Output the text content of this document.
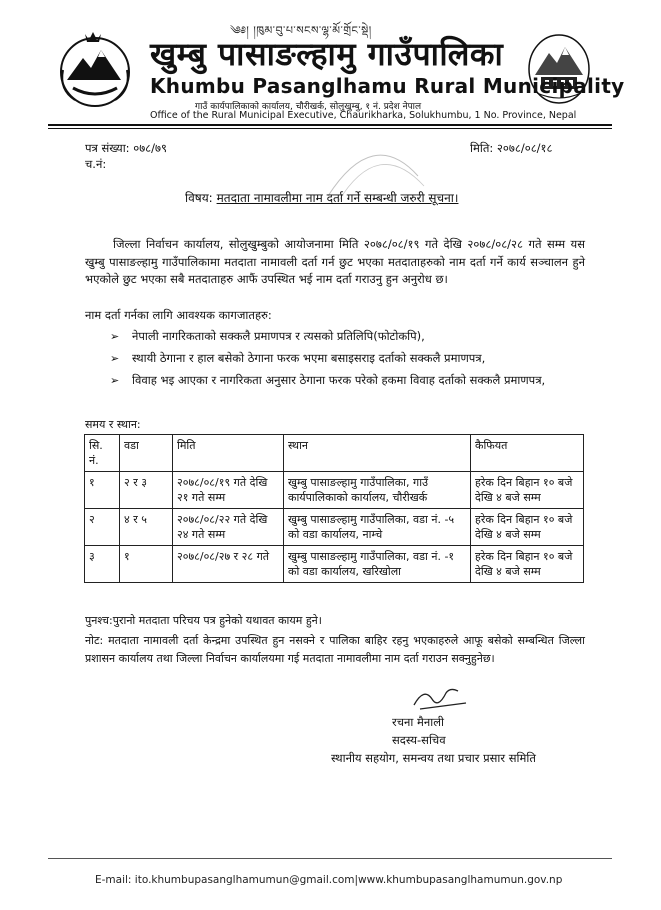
༄༅། །ཁུམ་བུ་པ་སངས་ལྷ་མོ་གྲོང་སྡེ།
खुम्बु पासाङल्हामु गाउँपालिका
Khumbu Pasanglhamu Rural Municipality
गाउँ कार्यपालिकाको कार्यालय, चौरीखर्क, सोलुखुम्बु, १ नं. प्रदेश नेपाल
Office of the Rural Municipal Executive, Chaurikharka, Solukhumbu, 1 No. Province, Nepal
पत्र संख्या: ०७८/७९
च.नं:
मिति: २०७८/०८/१८
विषय: मतदाता नामावलीमा नाम दर्ता गर्ने सम्बन्धी जरुरी सूचना।
जिल्ला निर्वाचन कार्यालय, सोलुखुम्बुको आयोजनामा मिति २०७८/०८/१९ गते देखि २०७८/०८/२८ गते सम्म यस खुम्बु पासाङल्हामु गाउँपालिकामा मतदाता नामावली दर्ता गर्न छुट भएका मतदाताहरुको नाम दर्ता गर्ने कार्य सञ्चालन हुने भएकोले छुट भएका सबै मतदाताहरु आफैं उपस्थित भई नाम दर्ता गराउनु हुन अनुरोध छ।
नाम दर्ता गर्नका लागि आवश्यक कागजातहरु:
➢ नेपाली नागरिकताको सक्कलै प्रमाणपत्र र त्यसको प्रतिलिपि(फोटोकपि),
➢ स्थायी ठेगाना र हाल बसेको ठेगाना फरक भएमा बसाइसराइ दर्ताको सक्कलै प्रमाणपत्र,
➢ विवाह भइ आएका र नागरिकता अनुसार ठेगाना फरक परेको हकमा विवाह दर्ताको सक्कलै प्रमाणपत्र,
समय र स्थान:
सि. नं.	वडा	मिति	स्थान	कैफियत
१	२ र ३	२०७८/०८/१९ गते देखि २१ गते सम्म	खुम्बु पासाङल्हामु गाउँपालिका, गाउँ कार्यपालिकाको कार्यालय, चौरीखर्क	हरेक दिन बिहान १० बजे देखि ४ बजे सम्म
२	४ र ५	२०७८/०८/२२ गते देखि २४ गते सम्म	खुम्बु पासाङल्हामु गाउँपालिका, वडा नं. -५ को वडा कार्यालय, नाम्चे	हरेक दिन बिहान १० बजे देखि ४ बजे सम्म
३	१	२०७८/०८/२७ र २८ गते	खुम्बु पासाङल्हामु गाउँपालिका, वडा नं. -१ को वडा कार्यालय, खरिखोला	हरेक दिन बिहान १० बजे देखि ४ बजे सम्म
पुनश्च:पुरानो मतदाता परिचय पत्र हुनेको यथावत कायम हुने।
नोट: मतदाता नामावली दर्ता केन्द्रमा उपस्थित हुन नसक्ने र पालिका बाहिर रहनु भएकाहरुले आफू बसेको सम्बन्धित जिल्ला प्रशासन कार्यालय तथा जिल्ला निर्वाचन कार्यालयमा गई मतदाता नामावलीमा नाम दर्ता गराउन सक्नुहुनेछ।
रचना मैनाली
सदस्य-सचिव
स्थानीय सहयोग, समन्वय तथा प्रचार प्रसार समिति
E-mail: ito.khumbupasanglhamumun@gmail.com|www.khumbupasanglhamumun.gov.np
